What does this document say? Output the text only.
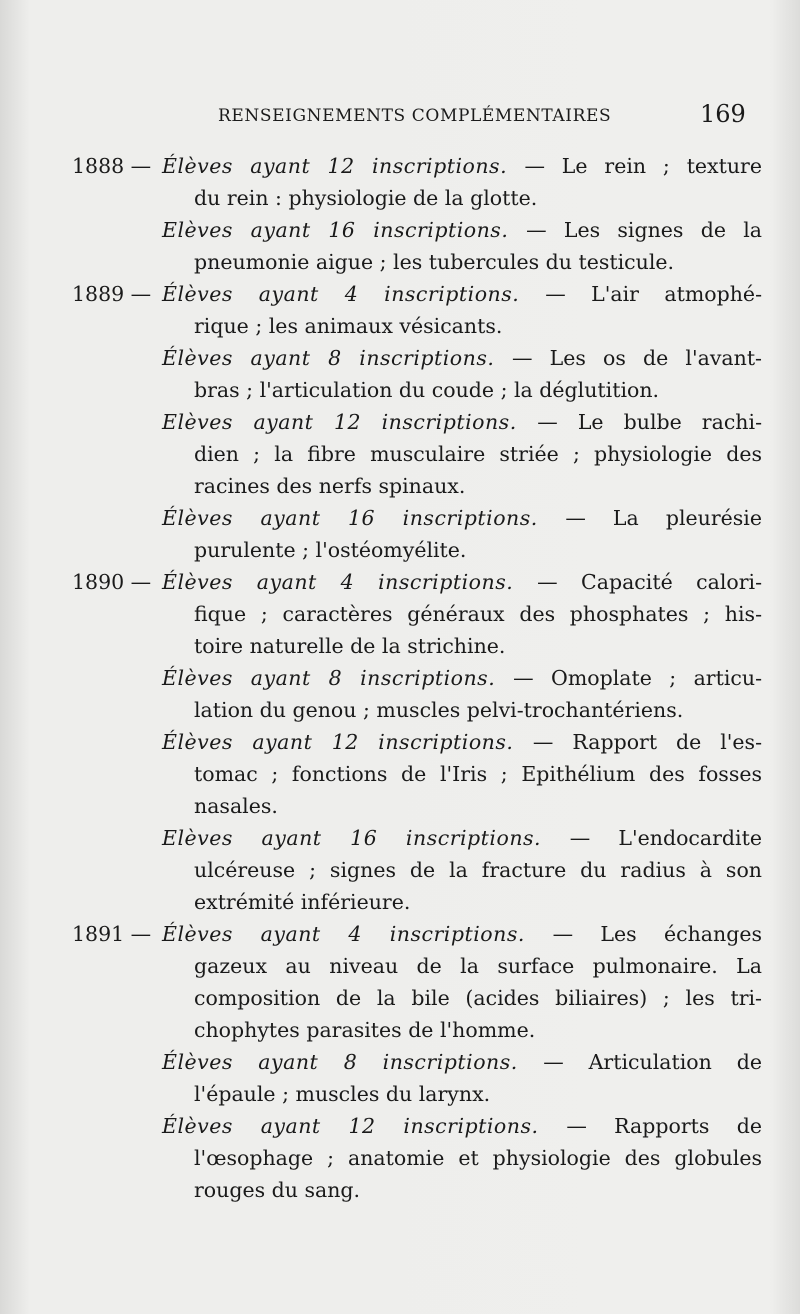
RENSEIGNEMENTS COMPLÉMENTAIRES	169
1888 — Élèves ayant 12 inscriptions. — Le rein ; texture
du rein : physiologie de la glotte.
Elèves ayant 16 inscriptions. — Les signes de la
pneumonie aigue ; les tubercules du testicule.
1889 — Élèves ayant 4 inscriptions. — L'air atmophé-
rique ; les animaux vésicants.
Élèves ayant 8 inscriptions. — Les os de l'avant-
bras ; l'articulation du coude ; la déglutition.
Elèves ayant 12 inscriptions. — Le bulbe rachi-
dien ; la fibre musculaire striée ; physiologie des
racines des nerfs spinaux.
Élèves ayant 16 inscriptions. — La pleurésie
purulente ; l'ostéomyélite.
1890 — Élèves ayant 4 inscriptions. — Capacité calori-
fique ; caractères généraux des phosphates ; his-
toire naturelle de la strichine.
Élèves ayant 8 inscriptions. — Omoplate ; articu-
lation du genou ; muscles pelvi-trochantériens.
Élèves ayant 12 inscriptions. — Rapport de l'es-
tomac ; fonctions de l'Iris ; Epithélium des fosses
nasales.
Elèves ayant 16 inscriptions. — L'endocardite
ulcéreuse ; signes de la fracture du radius à son
extrémité inférieure.
1891 — Élèves ayant 4 inscriptions. — Les échanges
gazeux au niveau de la surface pulmonaire. La
composition de la bile (acides biliaires) ; les tri-
chophytes parasites de l'homme.
Élèves ayant 8 inscriptions. — Articulation de
l'épaule ; muscles du larynx.
Élèves ayant 12 inscriptions. — Rapports de
l'œsophage ; anatomie et physiologie des globules
rouges du sang.
